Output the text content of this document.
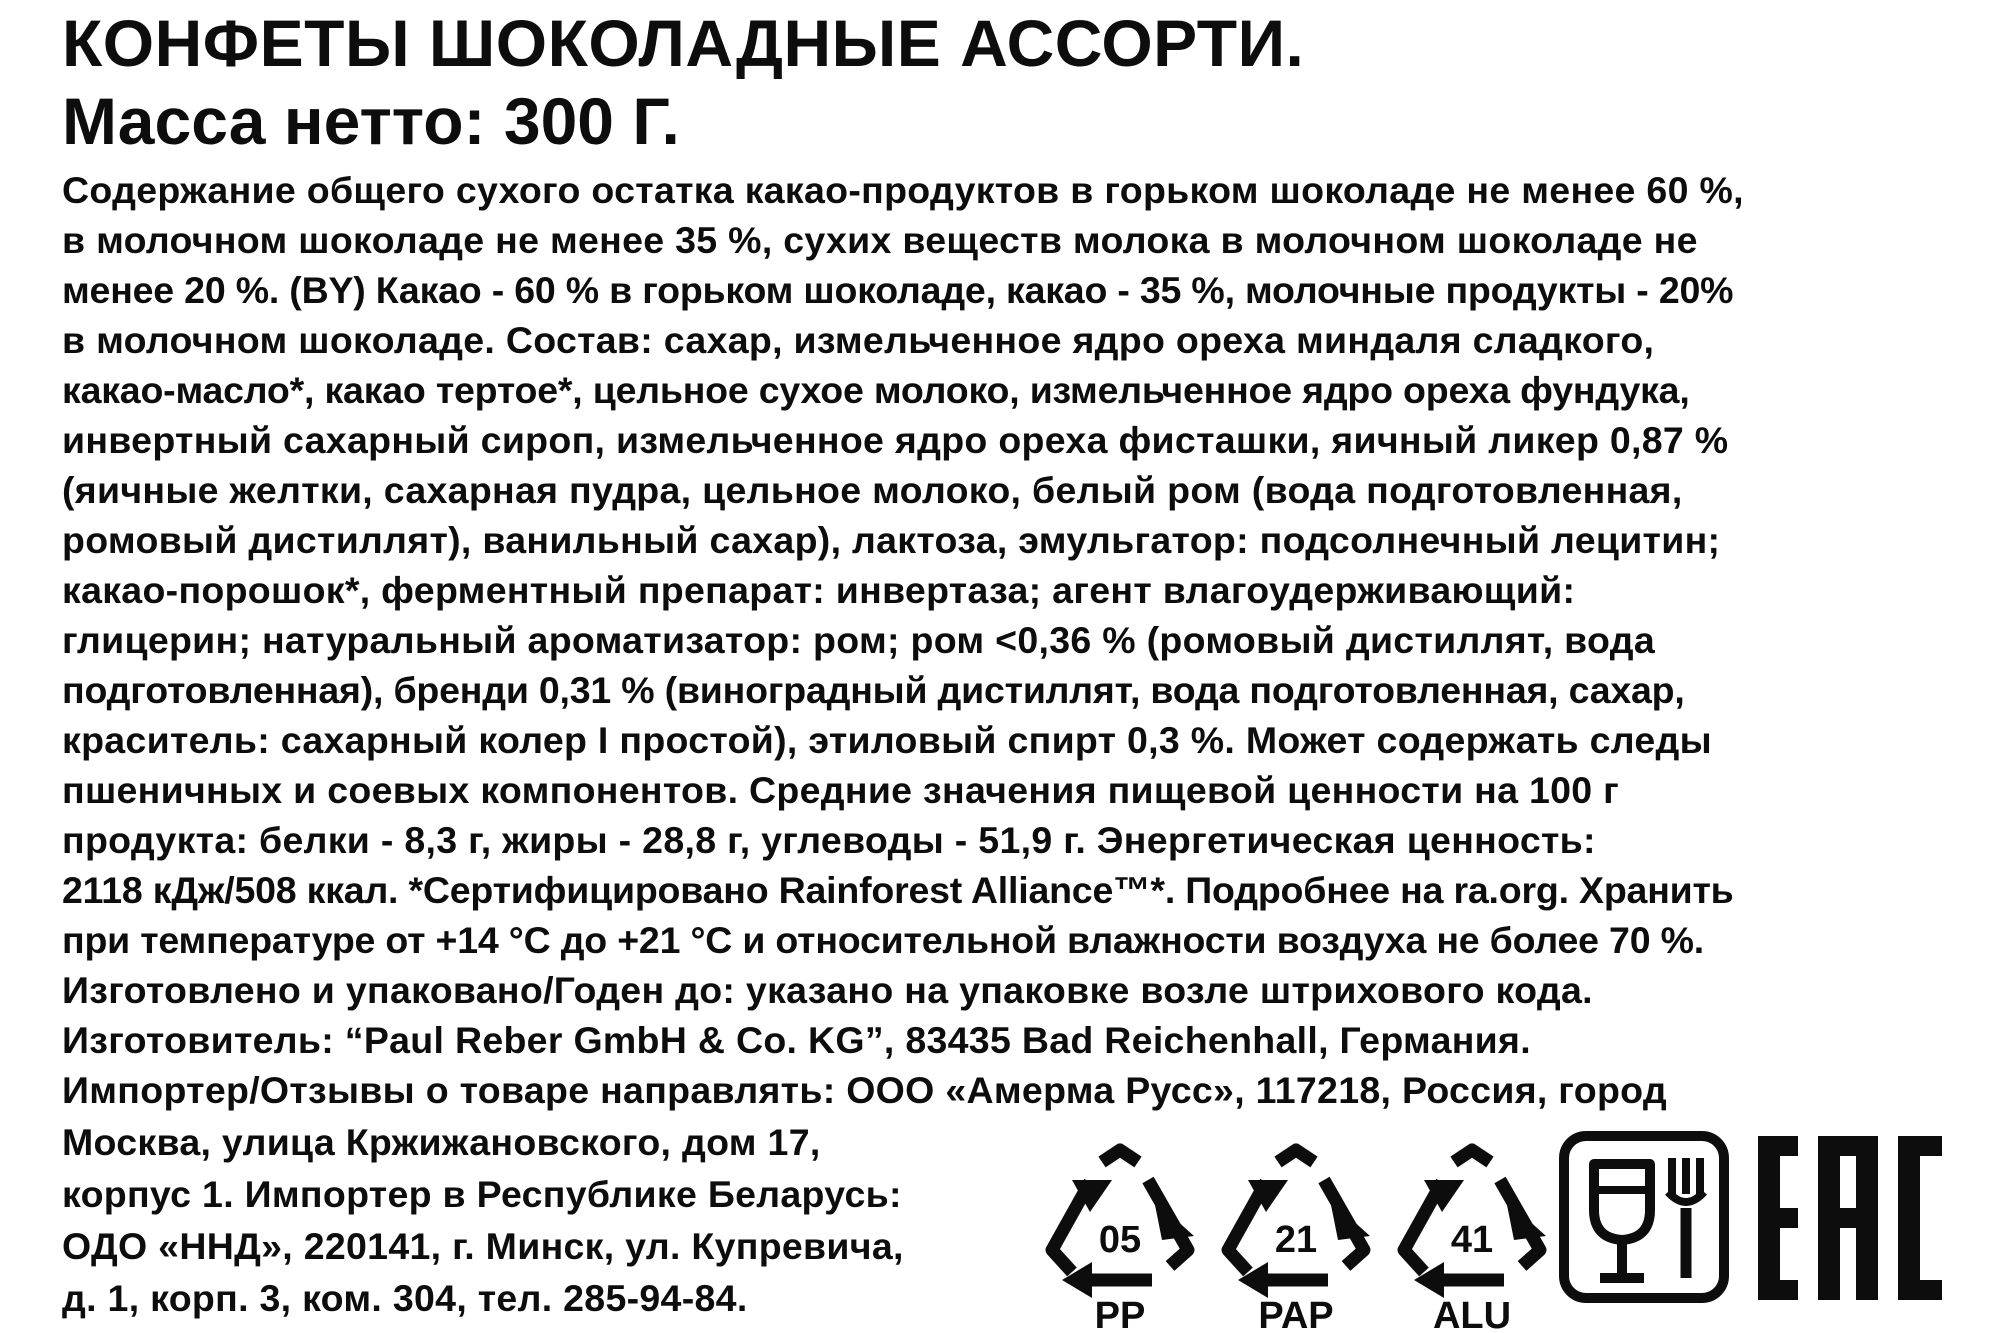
КОНФЕТЫ ШОКОЛАДНЫЕ АССОРТИ.
Масса нетто: 300 Г.
Содержание общего сухого остатка какао-продуктов в горьком шоколаде не менее 60 %,
в молочном шоколаде не менее 35 %, сухих веществ молока в молочном шоколаде не
менее 20 %. (BY) Какао - 60 % в горьком шоколаде, какао - 35 %, молочные продукты - 20%
в молочном шоколаде. Состав: сахар, измельченное ядро ореха миндаля сладкого,
какао-масло*, какао тертое*, цельное сухое молоко, измельченное ядро ореха фундука,
инвертный сахарный сироп, измельченное ядро ореха фисташки, яичный ликер 0,87 %
(яичные желтки, сахарная пудра, цельное молоко, белый ром (вода подготовленная,
ромовый дистиллят), ванильный сахар), лактоза, эмульгатор: подсолнечный лецитин;
какао-порошок*, ферментный препарат: инвертаза; агент влагоудерживающий:
глицерин; натуральный ароматизатор: ром; ром <0,36 % (ромовый дистиллят, вода
подготовленная), бренди 0,31 % (виноградный дистиллят, вода подготовленная, сахар,
краситель: сахарный колер I простой), этиловый спирт 0,3 %. Может содержать следы
пшеничных и соевых компонентов. Средние значения пищевой ценности на 100 г
продукта: белки - 8,3 г, жиры - 28,8 г, углеводы - 51,9 г. Энергетическая ценность:
2118 кДж/508 ккал. *Сертифицировано Rainforest Alliance™*. Подробнее на ra.org. Хранить
при температуре от +14 °С до +21 °С и относительной влажности воздуха не более 70 %.
Изготовлено и упаковано/Годен до: указано на упаковке возле штрихового кода.
Изготовитель: “Paul Reber GmbH & Co. KG”, 83435 Bad Reichenhall, Германия.
Импортер/Отзывы о товаре направлять: ООО «Амерма Русс», 117218, Россия, город
Москва, улица Кржижановского, дом 17,
корпус 1. Импортер в Республике Беларусь:
ОДО «ННД», 220141, г. Минск, ул. Купревича,
д. 1, корп. 3, ком. 304, тел. 285-94-84.
05
PP
21
PAP
41
ALU
